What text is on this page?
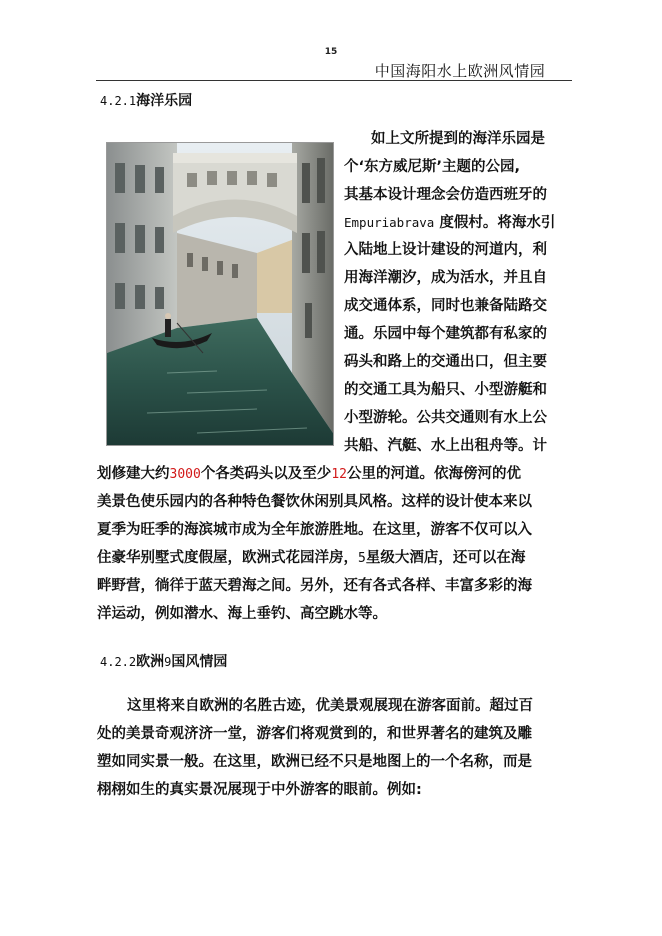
15
中国海阳水上欧洲风情园
4.2.1海洋乐园
如上文所提到的海洋乐园是
个‘东方威尼斯’主题的公园,
其基本设计理念会仿造西班牙的
Empuriabrava 度假村。将海水引
入陆地上设计建设的河道内，利
用海洋潮汐，成为活水，并且自
成交通体系，同时也兼备陆路交
通。乐园中每个建筑都有私家的
码头和路上的交通出口，但主要
的交通工具为船只、小型游艇和
小型游轮。公共交通则有水上公
共船、汽艇、水上出租舟等。计
划修建大约3000个各类码头以及至少12公里的河道。依海傍河的优
美景色使乐园内的各种特色餐饮休闲别具风格。这样的设计使本来以
夏季为旺季的海滨城市成为全年旅游胜地。在这里，游客不仅可以入
住豪华别墅式度假屋，欧洲式花园洋房，5星级大酒店，还可以在海
畔野营，徜徉于蓝天碧海之间。另外，还有各式各样、丰富多彩的海
洋运动，例如潜水、海上垂钓、高空跳水等。
4.2.2欧洲9国风情园
这里将来自欧洲的名胜古迹，优美景观展现在游客面前。超过百
处的美景奇观济济一堂，游客们将观赏到的，和世界著名的建筑及雕
塑如同实景一般。在这里，欧洲已经不只是地图上的一个名称，而是
栩栩如生的真实景况展现于中外游客的眼前。例如:
